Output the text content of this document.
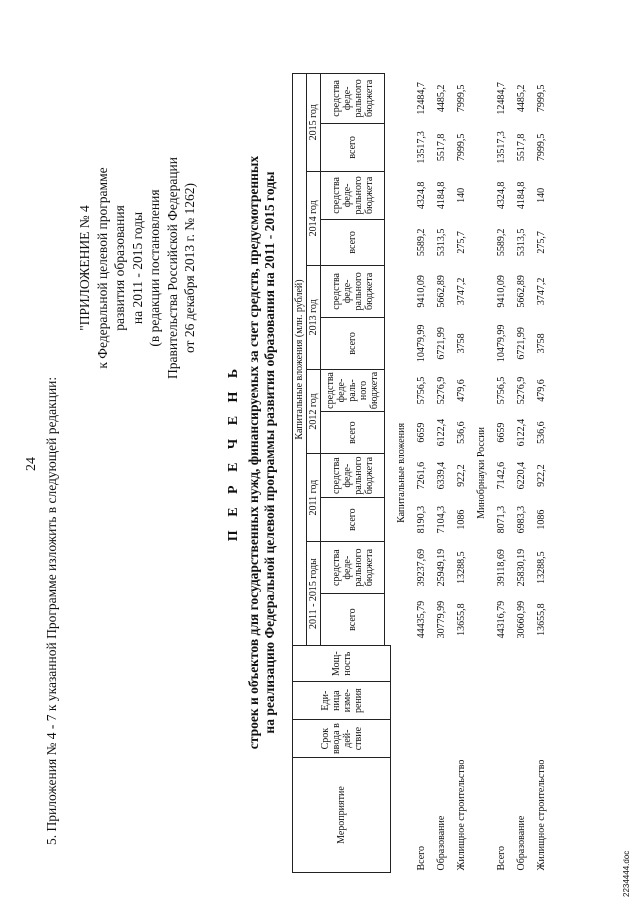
24 5. Приложения № 4 - 7 к указанной Программе изложить в следующей редакции:
"ПРИЛОЖЕНИЕ № 4 к Федеральной целевой программе развития образования на 2011 - 2015 годы (в редакции постановления Правительства Российской Федерации от 26 декабря 2013 г. № 1262)
П Е Р Е Ч Е Н Ь строек и объектов для государственных нужд, финансируемых за счет средств, предусмотренных на реализацию Федеральной целевой программы развития образования на 2011 - 2015 годы
Мероприятие	Срок ввода в дей-ствие	Еди-ница изме-рения	Мощ-ность	Капитальные вложения (млн. рублей)											
				2011 - 2015 годы		2011 год		2012 год		2013 год		2014 год		2015 год	
				всего	средства феде-рального бюджета	всего	средства феде-рального бюджета	всего	средства феде-раль-ного бюджета	всего	средства феде-рального бюджета	всего	средства феде-рального бюджета	всего	средства феде-рального бюджета

Капитальные вложения															
Всего				44435,79	39237,69	8190,3	7261,6	6659	5756,5	10479,99	9410,09	5589,2	4324,8	13517,3	12484,7
Образование				30779,99	25949,19	7104,3	6339,4	6122,4	5276,9	6721,99	5662,89	5313,5	4184,8	5517,8	4485,2
Жилищное строительство				13655,8	13288,5	1086	922,2	536,6	479,6	3758	3747,2	275,7	140	7999,5	7999,5
Минобрнауки России															
Всего				44316,79	39118,69	8071,3	7142,6	6659	5756,5	10479,99	9410,09	5589,2	4324,8	13517,3	12484,7
Образование				30660,99	25830,19	6983,3	6220,4	6122,4	5276,9	6721,99	5662,89	5313,5	4184,8	5517,8	4485,2
Жилищное строительство				13655,8	13288,5	1086	922,2	536,6	479,6	3758	3747,2	275,7	140	7999,5	7999,5
2234444.doc
